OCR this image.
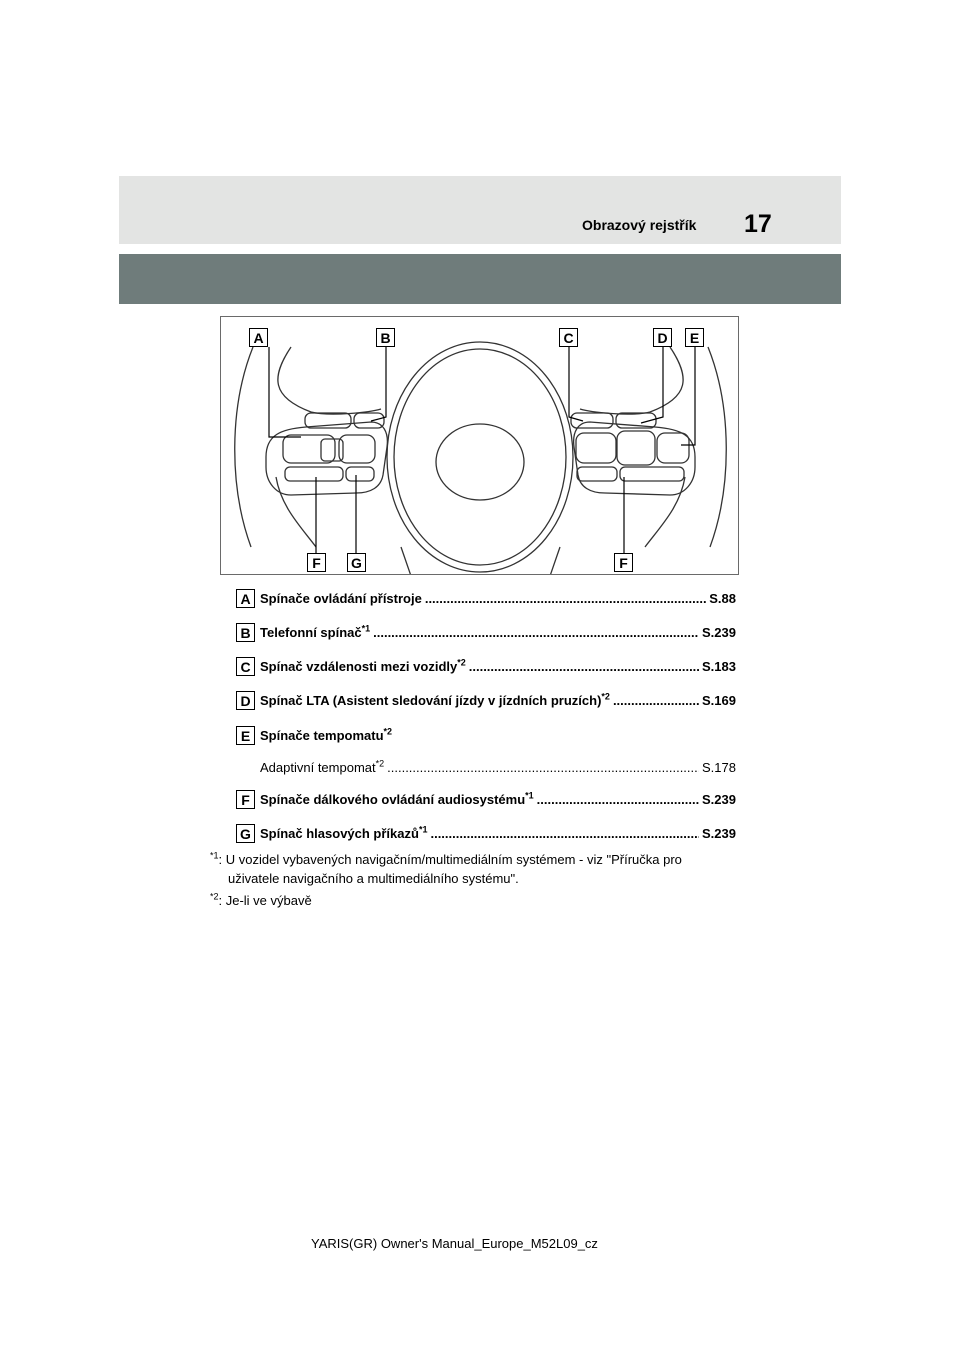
Obrazový rejstřík 17
A	B	C	D	E
F	G	F
A Spínače ovládání přístroje .....	S.88
B Telefonní spínač$^{*1}$ .....	S.239
C Spínač vzdálenosti mezi vozidly$^{*2}$ .....	S.183
D Spínač LTA (Asistent sledování jízdy v jízdních pruzích)$^{*2}$ .....	S.169
E Spínače tempomatu$^{*2}$
Adaptivní tempomat$^{*2}$ .....	S.178
F Spínače dálkového ovládání audiosystému$^{*1}$ .....	S.239
G Spínač hlasových příkazů$^{*1}$ .....	S.239
$^{*1}$: U vozidel vybavených navigačním/multimediálním systémem - viz "Příručka pro
uživatele navigačního a multimediálního systému".
$^{*2}$: Je-li ve výbavě
YARIS(GR) Owner's Manual_Europe_M52L09_cz
